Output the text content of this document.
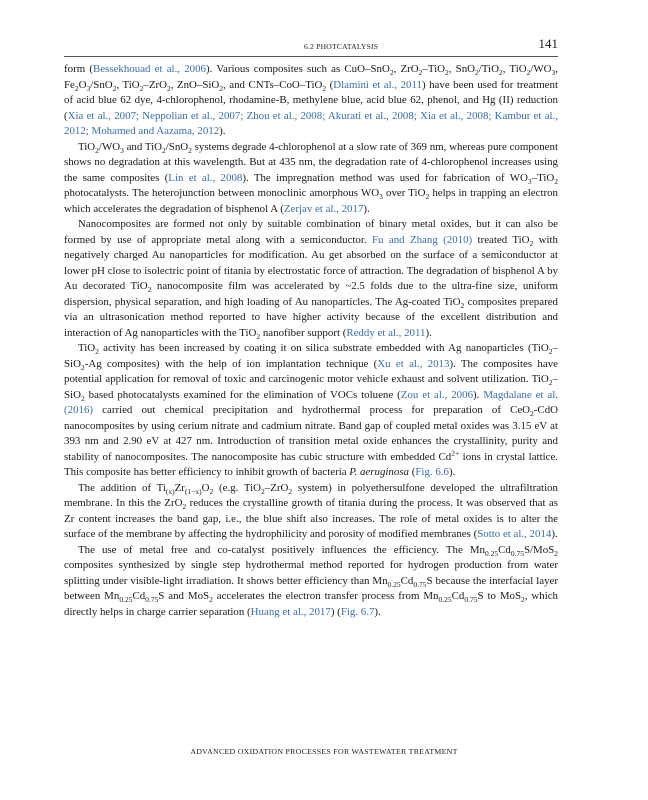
6.2 PHOTCATALYSIS	141

form (Bessekhouad et al., 2006). Various composites such as CuO–SnO$_2$, ZrO$_2$–TiO$_2$, SnO$_2$/TiO$_2$, $TiO_2/WO_3$, $Fe_2O_3/SnO_2$, TiO$_2$–ZrO$_2$, ZnO–SiO$_2$, and CNTs–CoO–TiO$_2$ (Dlamini et al., 2011) have been used for treatment of acid blue 62 dye, 4-chlorophenol, rhodamine-B, methylene blue, acid blue 62, phenol, and Hg (II) reduction (Xia et al., 2007; Neppolian et al., 2007; Zhou et al., 2008; Akurati et al., 2008; Xia et al., 2008; Kambur et al., 2012; Mohamed and Aazama, 2012).

$TiO_2/WO_3$ and TiO$_2$/SnO$_2$ systems degrade 4-chlorophenol at a slow rate of 369 nm, whereas pure component shows no degradation at this wavelength. But at 435 nm, the degradation rate of 4-chlorophenol increases using the same composites (Lin et al., 2008). The impregnation method was used for fabrication of $WO_3-TiO_2$ photocatalysts. The heterojunction between monoclinic amorphous $WO_3$ over TiO$_2$ helps in trapping an electron which accelerates the degradation of bisphenol A (Zerjav et al., 2017).

Nanocomposites are formed not only by suitable combination of binary metal oxides, but it can also be formed by use of appropriate metal along with a semiconductor. Fu and Zhang (2010) treated TiO$_2$ with negatively charged Au nanoparticles for modification. Au get absorbed on the surface of a semiconductor at lower pH close to isolectric point of titania by electrostatic force of attraction. The degradation of bisphenol A by Au decorated TiO$_2$ nanocomposite film was accelerated by ~2.5 folds due to the ultra-fine size, uniform dispersion, physical separation, and high loading of Au nanoparticles. The Ag-coated TiO$_2$ composites prepared via an ultrasonication method reported to have higher activity because of the excellent distribution and interaction of Ag nanoparticles with the TiO$_2$ nanofiber support (Reddy et al., 2011).

TiO$_2$ activity has been increased by coating it on silica substrate embedded with Ag nanoparticles (TiO$_2$–SiO$_2$-Ag composites) with the help of ion implantation technique (Xu et al., 2013). The composites have potential application for removal of toxic and carcinogenic motor vehicle exhaust and solvent utilization. TiO$_2$–SiO$_2$ based photocatalysts examined for the elimination of VOCs toluene (Zou et al., 2006). Magdalane et al. (2016) carried out chemical precipitation and hydrothermal process for preparation of CeO$_2$-CdO nanocomposites by using cerium nitrate and cadmium nitrate. Band gap of coupled metal oxides was 3.15 eV at 393 nm and 2.90 eV at 427 nm. Introduction of transition metal oxide enhances the crystallinity, purity and stability of nanocomposites. The nanocomposite has cubic structure with embedded $Cd^{2+}$ ions in crystal lattice. This composite has better efficiency to inhibit growth of bacteria P. aeruginosa (Fig. 6.6).

The addition of $Ti_{(x)}Zr_{(1-x)}O_2$ (e.g. TiO$_2$–ZrO$_2$ system) in polyethersulfone developed the ultrafiltration membrane. In this the ZrO$_2$ reduces the crystalline growth of titania during the process. It was observed that as Zr content increases the band gap, i.e., the blue shift also increases. The role of metal oxides is to alter the surface of the membrane by affecting the hydrophilicity and porosity of modified membranes (Sotto et al., 2014).

The use of metal free and co-catalyst positively influences the efficiency. The $Mn_{0.25}Cd_{0.75}S/MoS_2$ composites synthesized by single step hydrothermal method reported for hydrogen production from water splitting under visible-light irradiation. It shows better efficiency than $Mn_{0.25}Cd_{0.75}S$ because the interfacial layer between $Mn_{0.25}Cd_{0.75}S$ and MoS$_2$ accelerates the electron transfer process from $Mn_{0.25}Cd_{0.75}S$ to MoS$_2$, which directly helps in charge carrier separation (Huang et al., 2017) (Fig. 6.7).

ADVANCED OXIDATION PROCESSES FOR WASTEWATER TREATMENT
